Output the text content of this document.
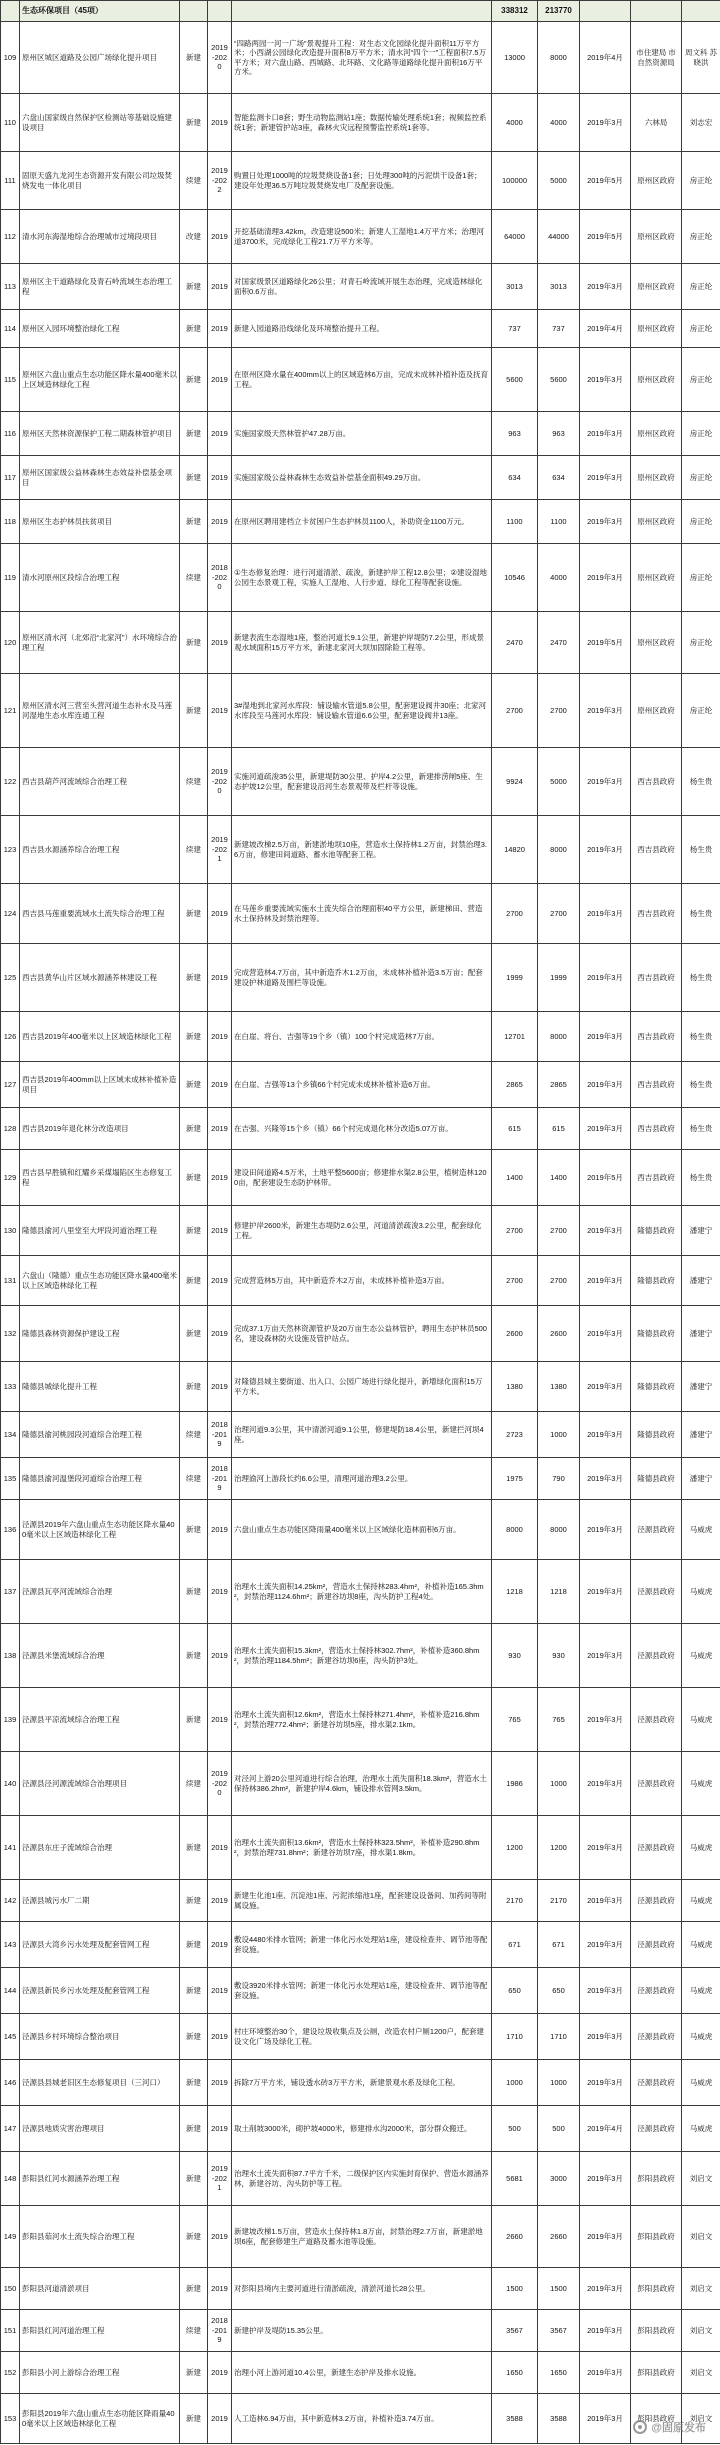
	生态环保项目（45项）				338312	213770			

109	原州区城区道路及公园广场绿化提升项目	新建	2019-2020	“四路两园一河一广场”景观提升工程：对生态文化园绿化提升面积11万平方米；小西湖公园绿化改造提升面积8万平方米；清水河“四个一”工程面积7.5万平方米；对六盘山路、西城路、北环路、文化路等道路绿化提升面积16万平方米。	13000	8000	2019年4月	市住建局 市自然资源局	周文科 苏晓洪

110	六盘山国家级自然保护区检测站等基础设施建设项目	新建	2019	智能监测卡口8套；野生动物监测站1座；数据传输处理系统1套；视频监控系统1套；新建管护站3座，森林火灾远程预警监控系统1套等。	4000	4000	2019年3月	六林局	刘志宏

111	固原天盛九龙河生态资源开发有限公司垃圾焚烧发电一体化项目	续建	2019-2022	购置日处理1000吨的垃圾焚烧设备1套；日处理300吨的污泥烘干设备1套；建设年处理36.5万吨垃圾焚烧发电厂及配套设施。	100000	5000	2019年5月	原州区政府	房正纶

112	清水河东海湿地综合治理城市过境段项目	改建	2019	开挖基础清理3.42km，改造建设500米；新建人工湿地1.4万平方米；治理河道3700米，完成绿化工程21.7万平方米等。	64000	44000	2019年5月	原州区政府	房正纶

113	原州区主干道路绿化及青石岭流域生态治理工程	新建	2019	对国家级景区道路绿化26公里；对青石岭流域开展生态治理，完成造林绿化面积0.6万亩。	3013	3013	2019年3月	原州区政府	房正纶

114	原州区入园环境整治绿化工程	新建	2019	新建入园道路沿线绿化及环境整治提升工程。	737	737	2019年4月	原州区政府	房正纶

115	原州区六盘山重点生态功能区降水量400毫米以上区域造林绿化工程	新建	2019	在原州区降水量在400mm以上的区域造林6万亩，完成未成林补植补造及抚育工程。	5600	5600	2019年3月	原州区政府	房正纶

116	原州区天然林资源保护工程二期森林管护项目	新建	2019	实施国家级天然林管护47.28万亩。	963	963	2019年3月	原州区政府	房正纶

117	原州区国家级公益林森林生态效益补偿基金项目	新建	2019	实施国家级公益林森林生态效益补偿基金面积49.29万亩。	634	634	2019年3月	原州区政府	房正纶

118	原州区生态护林员扶贫项目	新建	2019	在原州区聘用建档立卡贫困户生态护林员1100人，补助资金1100万元。	1100	1100	2019年3月	原州区政府	房正纶

119	清水河原州区段综合治理工程	续建	2018-2020	①生态修复治理：进行河道清淤、疏浚，新建护岸工程12.8公里；②建设湿地公园生态景观工程，实施人工湿地、人行步道、绿化工程等配套设施。	10546	4000	2019年3月	原州区政府	房正纶

120	原州区清水河（北郊沿“北家河”）水环境综合治理工程	新建	2019	新建表流生态湿地1座，整治河道长9.1公里，新建护岸堤防7.2公里，形成景观水域面积15万平方米，新建北家河大坝加固除险工程等。	2470	2470	2019年5月	原州区政府	房正纶

121	原州区清水河三营至头营河道生态补水及马莲河湿地生态水库连通工程	新建	2019	3#湿地到北家河水库段：铺设输水管道5.8公里，配套建设阀井30座；北家河水库段至马莲河水库段：铺设输水管道6.6公里，配套建设阀井13座。	2700	2700	2019年3月	原州区政府	房正纶

122	西吉县葫芦河流域综合治理工程	续建	2019-2020	实施河道疏浚35公里，新建堤防30公里、护岸4.2公里，新建排涝闸5座、生态护坡12公里，配套建设沿河生态景观带及栏杆等设施。	9924	5000	2019年3月	西吉县政府	杨生贵

123	西吉县水源涵养综合治理工程	续建	2019-2021	新建坡改梯2.5万亩，新建淤地坝10座，营造水土保持林1.2万亩，封禁治理3.6万亩，修建田间道路、蓄水池等配套工程。	14820	8000	2019年3月	西吉县政府	杨生贵

124	西吉县马莲重要流域水土流失综合治理工程	新建	2019	在马莲乡重要流域实施水土流失综合治理面积40平方公里，新建梯田、营造水土保持林及封禁治理等。	2700	2700	2019年3月	西吉县政府	杨生贵

125	西吉县黄华山片区域水源涵养林建设工程	新建	2019	完成营造林4.7万亩，其中新造乔木1.2万亩，未成林补植补造3.5万亩；配套建设护林道路及围栏等设施。	1999	1999	2019年3月	西吉县政府	杨生贵

126	西吉县2019年400毫米以上区域造林绿化工程	新建	2019	在白崖、将台、吉强等19个乡（镇）100个村完成造林7万亩。	12701	8000	2019年3月	西吉县政府	杨生贵

127	西吉县2019年400mm以上区域未成林补植补造项目	新建	2019	在白崖、吉强等13个乡镇66个村完成未成林补植补造6万亩。	2865	2865	2019年3月	西吉县政府	杨生贵

128	西吉县2019年退化林分改造项目	新建	2019	在吉强、兴隆等15个乡（镇）66个村完成退化林分改造5.07万亩。	615	615	2019年3月	西吉县政府	杨生贵

129	西吉县早胜镇和红耀乡采煤塌陷区生态修复工程	新建	2019	建设田间道路4.5万米，土地平整5600亩；修建排水渠2.8公里，植树造林1200亩，配套建设生态防护林带。	1400	1400	2019年5月	西吉县政府	杨生贵

130	隆德县渝河八里堂至大坪段河道治理工程	新建	2019	修建护岸2600米，新建生态堤防2.6公里，河道清淤疏浚3.2公里，配套绿化工程。	2700	2700	2019年3月	隆德县政府	潘建宁

131	六盘山（隆德）重点生态功能区降水量400毫米以上区域造林绿化工程	新建	2019	完成营造林5万亩，其中新造乔木2万亩，未成林补植补造3万亩。	2700	2700	2019年3月	隆德县政府	潘建宁

132	隆德县森林资源保护建设工程	新建	2019	完成37.1万亩天然林资源管护及20万亩生态公益林管护，聘用生态护林员500名，建设森林防火设施及管护站点。	2600	2600	2019年3月	隆德县政府	潘建宁

133	隆德县城绿化提升工程	新建	2019	对隆德县城主要街道、出入口、公园广场进行绿化提升，新增绿化面积15万平方米。	1380	1380	2019年3月	隆德县政府	潘建宁

134	隆德县渝河桃园段河道综合治理工程	续建	2018-2019	治理河道9.3公里，其中清淤河道9.1公里，修建堤防18.4公里，新建拦河坝4座。	2723	1000	2019年3月	隆德县政府	潘建宁

135	隆德县渝河温堡段河道综合治理工程	续建	2018-2019	治理渝河上游段长约6.6公里，清理河道治理3.2公里。	1975	790	2019年3月	隆德县政府	潘建宁

136	泾源县2019年六盘山重点生态功能区降水量400毫米以上区域造林绿化工程	新建	2019	六盘山重点生态功能区降雨量400毫米以上区域绿化造林面积6万亩。	8000	8000	2019年3月	泾源县政府	马威虎

137	泾源县瓦亭河流域综合治理	新建	2019	治理水土流失面积14.25km²，营造水土保持林283.4hm²，补植补造165.3hm²，封禁治理1124.6hm²；新建谷坊坝8座，沟头防护工程4处。	1218	1218	2019年3月	泾源县政府	马威虎

138	泾源县米堡流域综合治理	新建	2019	治理水土流失面积15.3km²，营造水土保持林302.7hm²，补植补造360.8hm²，封禁治理1184.5hm²；新建谷坊坝6座，沟头防护3处。	930	930	2019年3月	泾源县政府	马威虎

139	泾源县平凉流域综合治理工程	新建	2019	治理水土流失面积12.6km²，营造水土保持林271.4hm²，补植补造216.8hm²，封禁治理772.4hm²；新建谷坊坝5座，排水渠2.1km。	765	765	2019年3月	泾源县政府	马威虎

140	泾源县泾河源流域综合治理项目	续建	2019-2020	对泾河上游20公里河道进行综合治理，治理水土流失面积18.3km²，营造水土保持林386.2hm²，新建护岸4.6km，铺设排水管网3.5km。	1986	1000	2019年3月	泾源县政府	马威虎

141	泾源县东庄子流域综合治理	新建	2019	治理水土流失面积13.6km²，营造水土保持林323.5hm²，补植补造290.8hm²，封禁治理731.8hm²；新建谷坊坝7座，排水渠1.8km。	1200	1200	2019年3月	泾源县政府	马威虎

142	泾源县城污水厂二期	新建	2019	新建生化池1座、沉淀池1座、污泥浓缩池1座，配套建设设备间、加药间等附属设施。	2170	2170	2019年3月	泾源县政府	马威虎

143	泾源县大湾乡污水处理及配套管网工程	新建	2019	敷设4480米排水管网；新建一体化污水处理站1座，建设检查井、调节池等配套设施。	671	671	2019年3月	泾源县政府	马威虎

144	泾源县新民乡污水处理及配套管网工程	新建	2019	敷设3920米排水管网；新建一体化污水处理站1座，建设检查井、调节池等配套设施。	650	650	2019年3月	泾源县政府	马威虎

145	泾源县乡村环境综合整治项目	新建	2019	村庄环境整治30个，建设垃圾收集点及公厕，改造农村户厕1200户，配套建设文化广场及绿化工程。	1710	1710	2019年3月	泾源县政府	马威虎

146	泾源县县城老旧区生态修复项目（三河口）	新建	2019	拆除7万平方米，铺设透水砖3万平方米，新建景观水系及绿化工程。	1000	1000	2019年3月	泾源县政府	马威虎

147	泾源县地质灾害治理项目	新建	2019	取土削坡3000米，砌护坡4000米，修建排水沟2000米，部分群众搬迁。	500	500	2019年4月	泾源县政府	马威虎

148	彭阳县红河水源涵养治理工程	新建	2019-2021	治理水土流失面积87.7平方千米，二级保护区内实施封育保护、营造水源涵养林，新建谷坊、沟头防护等工程。	5681	3000	2019年3月	彭阳县政府	刘启文

149	彭阳县茹河水土流失综合治理工程	新建	2019	新建坡改梯1.5万亩，营造水土保持林1.8万亩，封禁治理2.7万亩，新建淤地坝6座，配套修建生产道路及蓄水池等设施。	2660	2660	2019年3月	彭阳县政府	刘启文

150	彭阳县河道清淤项目	新建	2019	对彭阳县境内主要河道进行清淤疏浚，清淤河道长28公里。	1500	1500	2019年3月	彭阳县政府	刘启文

151	彭阳县红河河道治理工程	续建	2018-2019	新建护岸及堤防15.35公里。	3567	3567	2019年3月	彭阳县政府	刘启文

152	彭阳县小河上游综合治理工程	新建	2019	治理小河上游河道10.4公里，新建生态护岸及排水设施。	1650	1650	2019年3月	彭阳县政府	刘启文

153	彭阳县2019年六盘山重点生态功能区降雨量400毫米以上区域造林绿化工程	新建	2019	人工造林6.94万亩，其中新造林3.2万亩，补植补造3.74万亩。	3588	3588	2019年3月	彭阳县政府	刘启文
@固原发布
